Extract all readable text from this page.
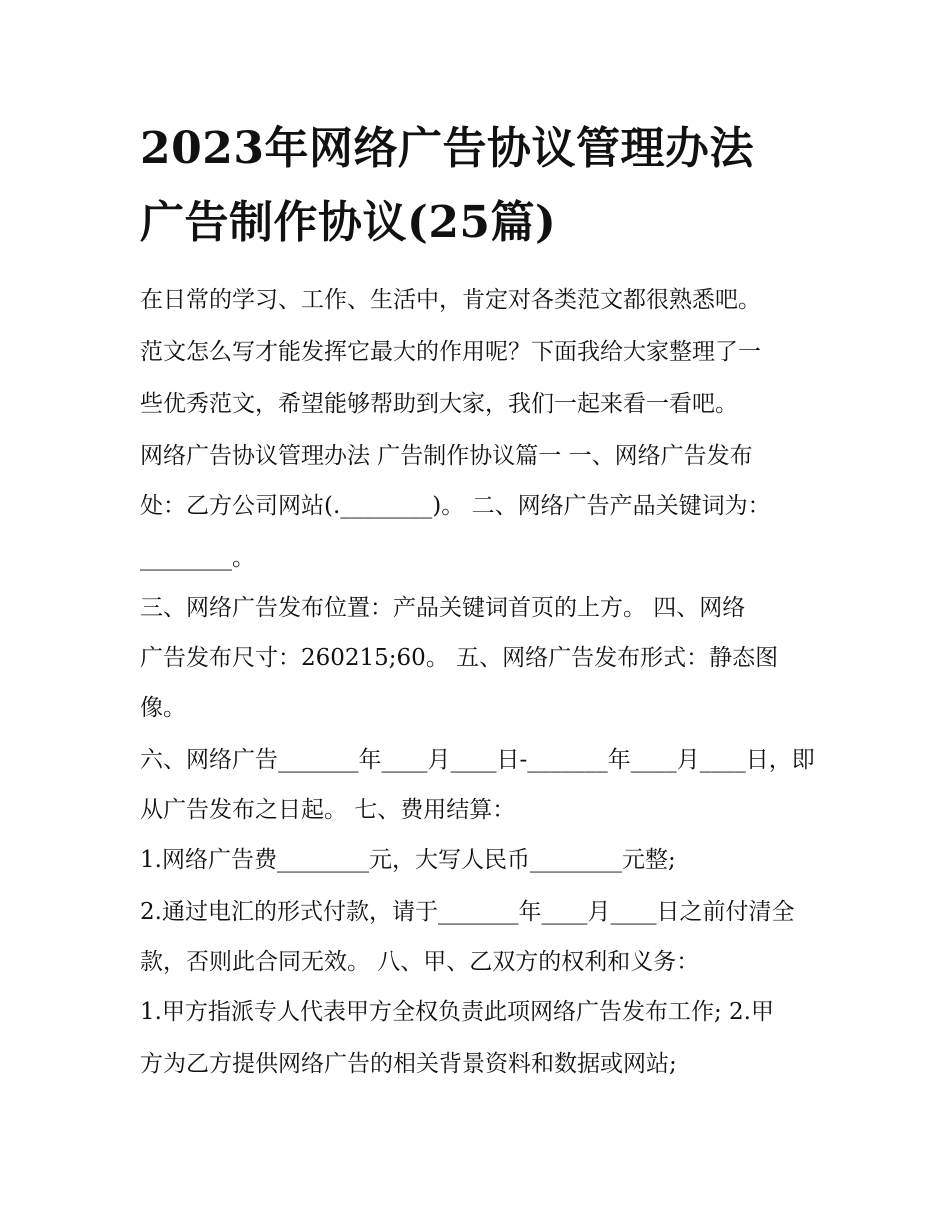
2023年网络广告协议管理办法
广告制作协议(25篇)
在日常的学习、工作、生活中，肯定对各类范文都很熟悉吧。
范文怎么写才能发挥它最大的作用呢？下面我给大家整理了一
些优秀范文，希望能够帮助到大家，我们一起来看一看吧。
网络广告协议管理办法 广告制作协议篇一 一、网络广告发布
处：乙方公司网站(.________)。 二、网络广告产品关键词为：
________。
三、网络广告发布位置：产品关键词首页的上方。 四、网络
广告发布尺寸：260215;60。 五、网络广告发布形式：静态图
像。
六、网络广告_______年____月____日-_______年____月____日，即
从广告发布之日起。 七、费用结算：
1.网络广告费________元，大写人民币________元整;
2.通过电汇的形式付款，请于_______年____月____日之前付清全
款，否则此合同无效。 八、甲、乙双方的权利和义务：
1.甲方指派专人代表甲方全权负责此项网络广告发布工作; 2.甲
方为乙方提供网络广告的相关背景资料和数据或网站;
